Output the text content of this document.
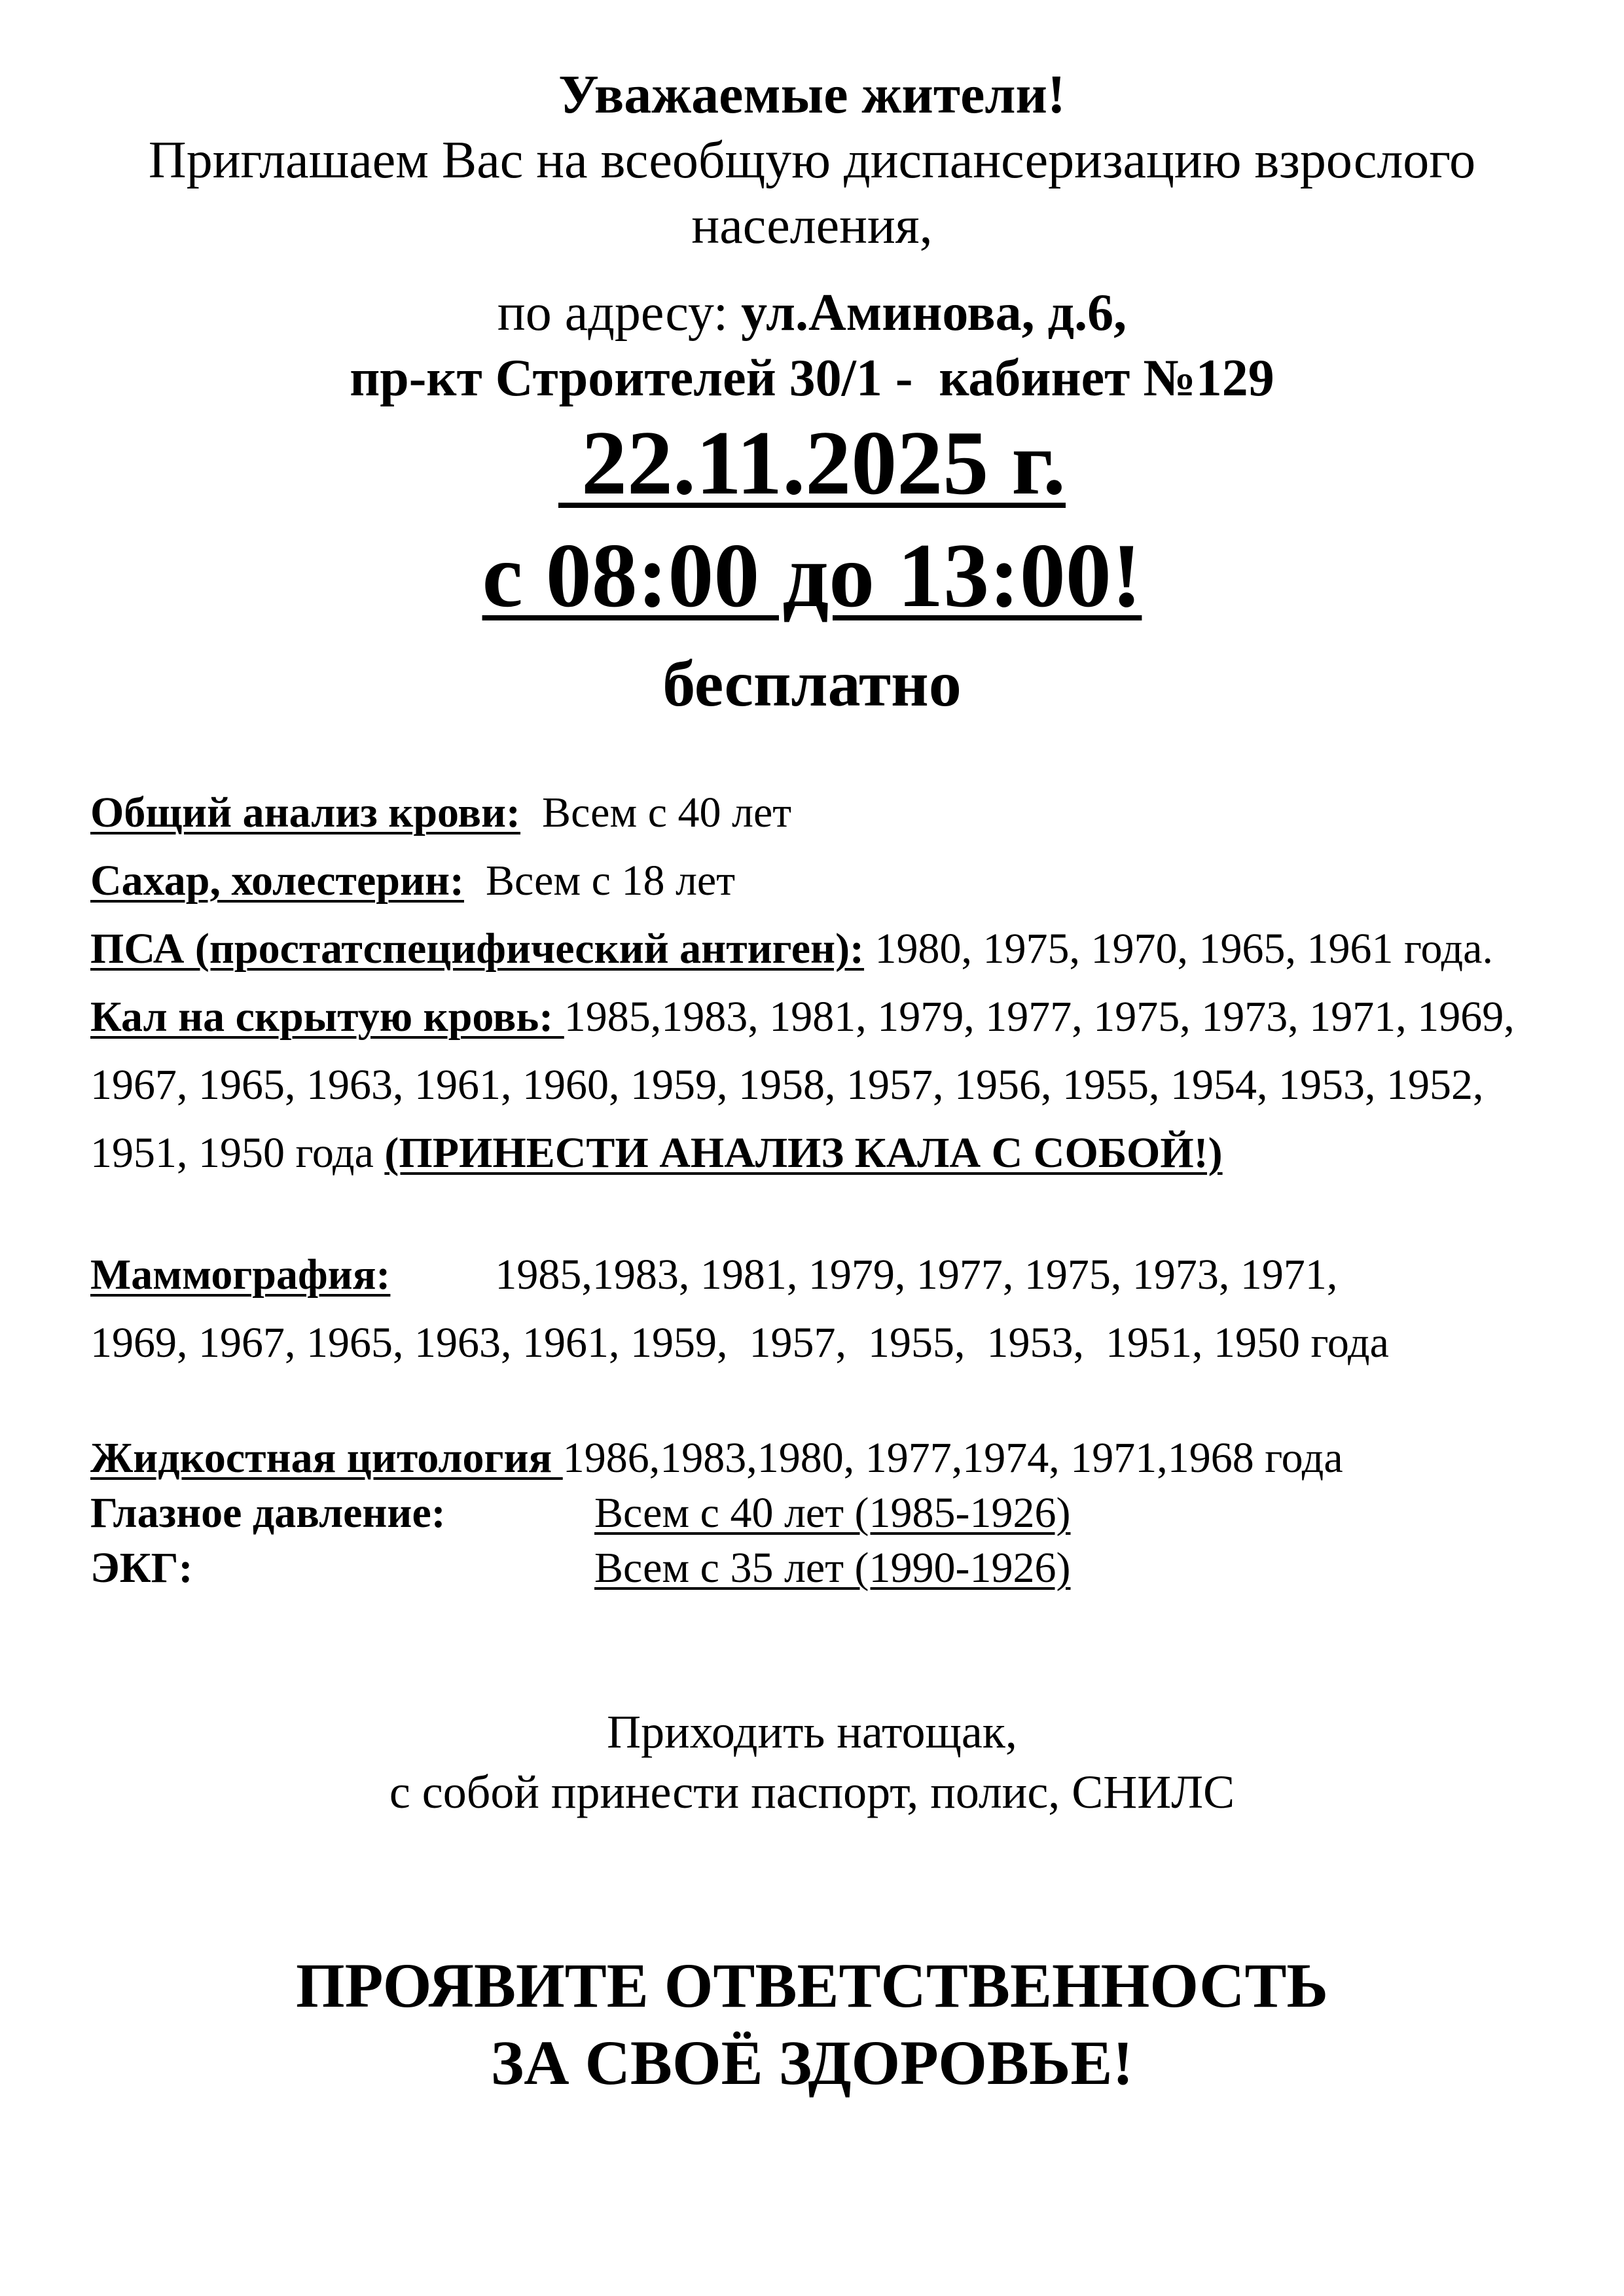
Уважаемые жители!
Приглашаем Вас на всеобщую диспансеризацию взрослого
населения,
по адресу: ул.Аминова, д.6,
пр-кт Строителей 30/1 -  кабинет №129
22.11.2025 г.
с 08:00 до 13:00!
бесплатно
Общий анализ крови:  Всем с 40 лет
Сахар, холестерин:  Всем с 18 лет
ПСА (простатспецифический антиген): 1980, 1975, 1970, 1965, 1961 года.
Кал на скрытую кровь: 1985,1983, 1981, 1979, 1977, 1975, 1973, 1971, 1969, 1967, 1965, 1963, 1961, 1960, 1959, 1958, 1957, 1956, 1955, 1954, 1953, 1952, 1951, 1950 года (ПРИНЕСТИ АНАЛИЗ КАЛА С СОБОЙ!)
Маммография: 1985,1983, 1981, 1979, 1977, 1975, 1973, 1971,
1969, 1967, 1965, 1963, 1961, 1959,  1957,  1955,  1953,  1951, 1950 года
Жидкостная цитология 1986,1983,1980, 1977,1974, 1971,1968 года
Глазное давление:	Всем с 40 лет (1985-1926)
ЭКГ:	Всем с 35 лет (1990-1926)
Приходить натощак,
с собой принести паспорт, полис, СНИЛС
ПРОЯВИТЕ ОТВЕТСТВЕННОСТЬ
ЗА СВОЁ ЗДОРОВЬЕ!
